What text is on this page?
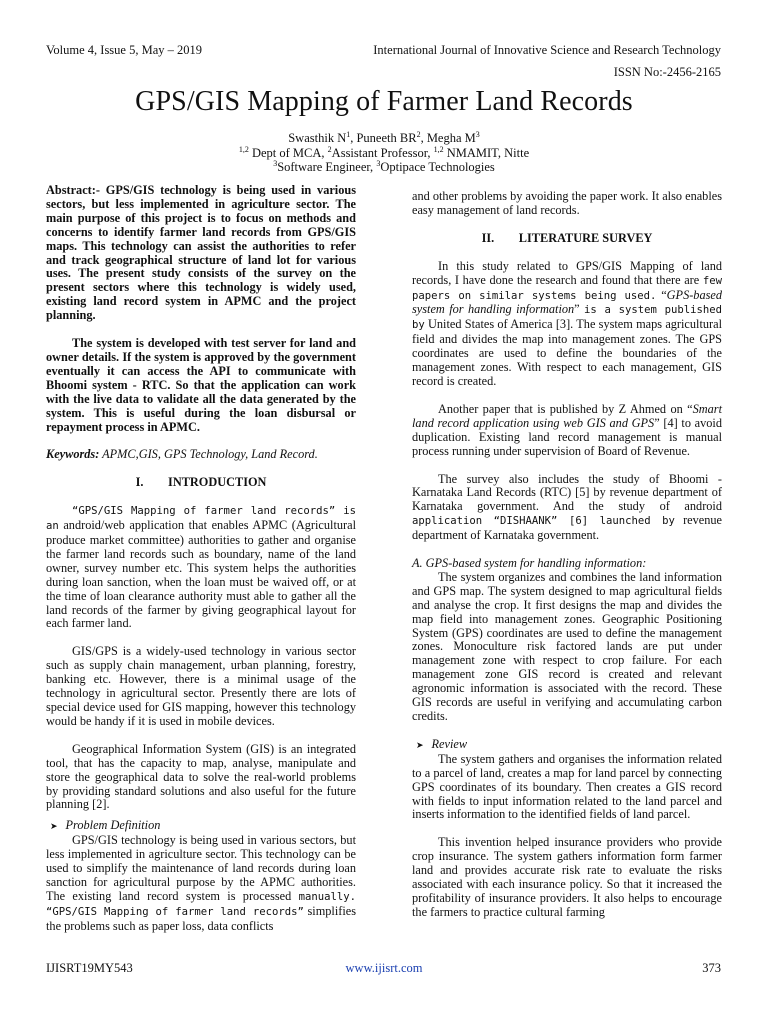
Volume 4, Issue 5, May – 2019	International Journal of Innovative Science and Research Technology
ISSN No:-2456-2165
GPS/GIS Mapping of Farmer Land Records
Swasthik $N^1$, Puneeth $BR^2$, Megha $M^3$
$^{1,2}$ Dept of MCA, $^2$Assistant Professor, $^{1,2}$ NMAMIT, Nitte
$^3$Software Engineer, $^3$Optipace Technologies

Abstract:- GPS/GIS technology is being used in various sectors, but less implemented in agriculture sector. The main purpose of this project is to focus on methods and concerns to identify farmer land records from GPS/GIS maps. This technology can assist the authorities to refer and track geographical structure of land lot for various uses. The present study consists of the survey on the present sectors where this technology is widely used, existing land record system in APMC and the project planning.

The system is developed with test server for land and owner details. If the system is approved by the government eventually it can access the API to communicate with Bhoomi system - RTC. So that the application can work with the live data to validate all the data generated by the system. This is useful during the loan disbursal or repayment process in APMC.

Keywords: APMC,GIS, GPS Technology, Land Record.

I.  INTRODUCTION

“GPS/GIS Mapping of farmer land records” is an android/web application that enables APMC (Agricultural produce market committee) authorities to gather and organise the farmer land records such as boundary, name of the land owner, survey number etc. This system helps the authorities during loan sanction, when the loan must be waived off, or at the time of loan clearance authority must able to gather all the land records of the farmer by giving geographical layout for each farmer land.

GIS/GPS is a widely-used technology in various sector such as supply chain management, urban planning, forestry, banking etc. However, there is a minimal usage of the technology in agricultural sector. Presently there are lots of special device used for GIS mapping, however this technology would be handy if it is used in mobile devices.

Geographical Information System (GIS) is an integrated tool, that has the capacity to map, analyse, manipulate and store the geographical data to solve the real-world problems by providing standard solutions and also useful for the future planning [2].

➤ Problem Definition

GPS/GIS technology is being used in various sectors, but less implemented in agriculture sector. This technology can be used to simplify the maintenance of land records during loan sanction for agricultural purpose by the APMC authorities. The existing land record system is processed manually. “GPS/GIS Mapping of farmer land records” simplifies the problems such as paper loss, data conflicts

and other problems by avoiding the paper work. It also enables easy management of land records.

II.  LITERATURE SURVEY

In this study related to GPS/GIS Mapping of land records, I have done the research and found that there are few papers on similar systems being used. “GPS-based system for handling information” is a system published by United States of America [3]. The system maps agricultural field and divides the map into management zones. The GPS coordinates are used to define the boundaries of the management zones. With respect to each management, GIS record is created.

Another paper that is published by Z Ahmed on “Smart land record application using web GIS and GPS” [4] to avoid duplication. Existing land record management is manual process running under supervision of Board of Revenue.

The survey also includes the study of Bhoomi - Karnataka Land Records (RTC) [5] by revenue department of Karnataka government. And the study of android application “DISHAANK” [6] launched by revenue department of Karnataka government.

A. GPS-based system for handling information:

The system organizes and combines the land information and GPS map. The system designed to map agricultural fields and analyse the crop. It first designs the map and divides the map field into management zones. Geographic Positioning System (GPS) coordinates are used to define the management zones. Monoculture risk factored lands are put under management zone with respect to crop failure. For each management zone GIS record is created and relevant agronomic information is associated with the record. These GIS records are useful in verifying and accumulating carbon credits.

➤ Review

The system gathers and organises the information related to a parcel of land, creates a map for land parcel by connecting GPS coordinates of its boundary. Then creates a GIS record with fields to input information related to the land parcel and inserts information to the identified fields of land parcel.

This invention helped insurance providers who provide crop insurance. The system gathers information form farmer land and provides accurate risk rate to evaluate the risks associated with each insurance policy. So that it increased the profitability of insurance providers. It also helps to encourage the farmers to practice cultural farming

IJISRT19MY543	www.ijisrt.com	373
